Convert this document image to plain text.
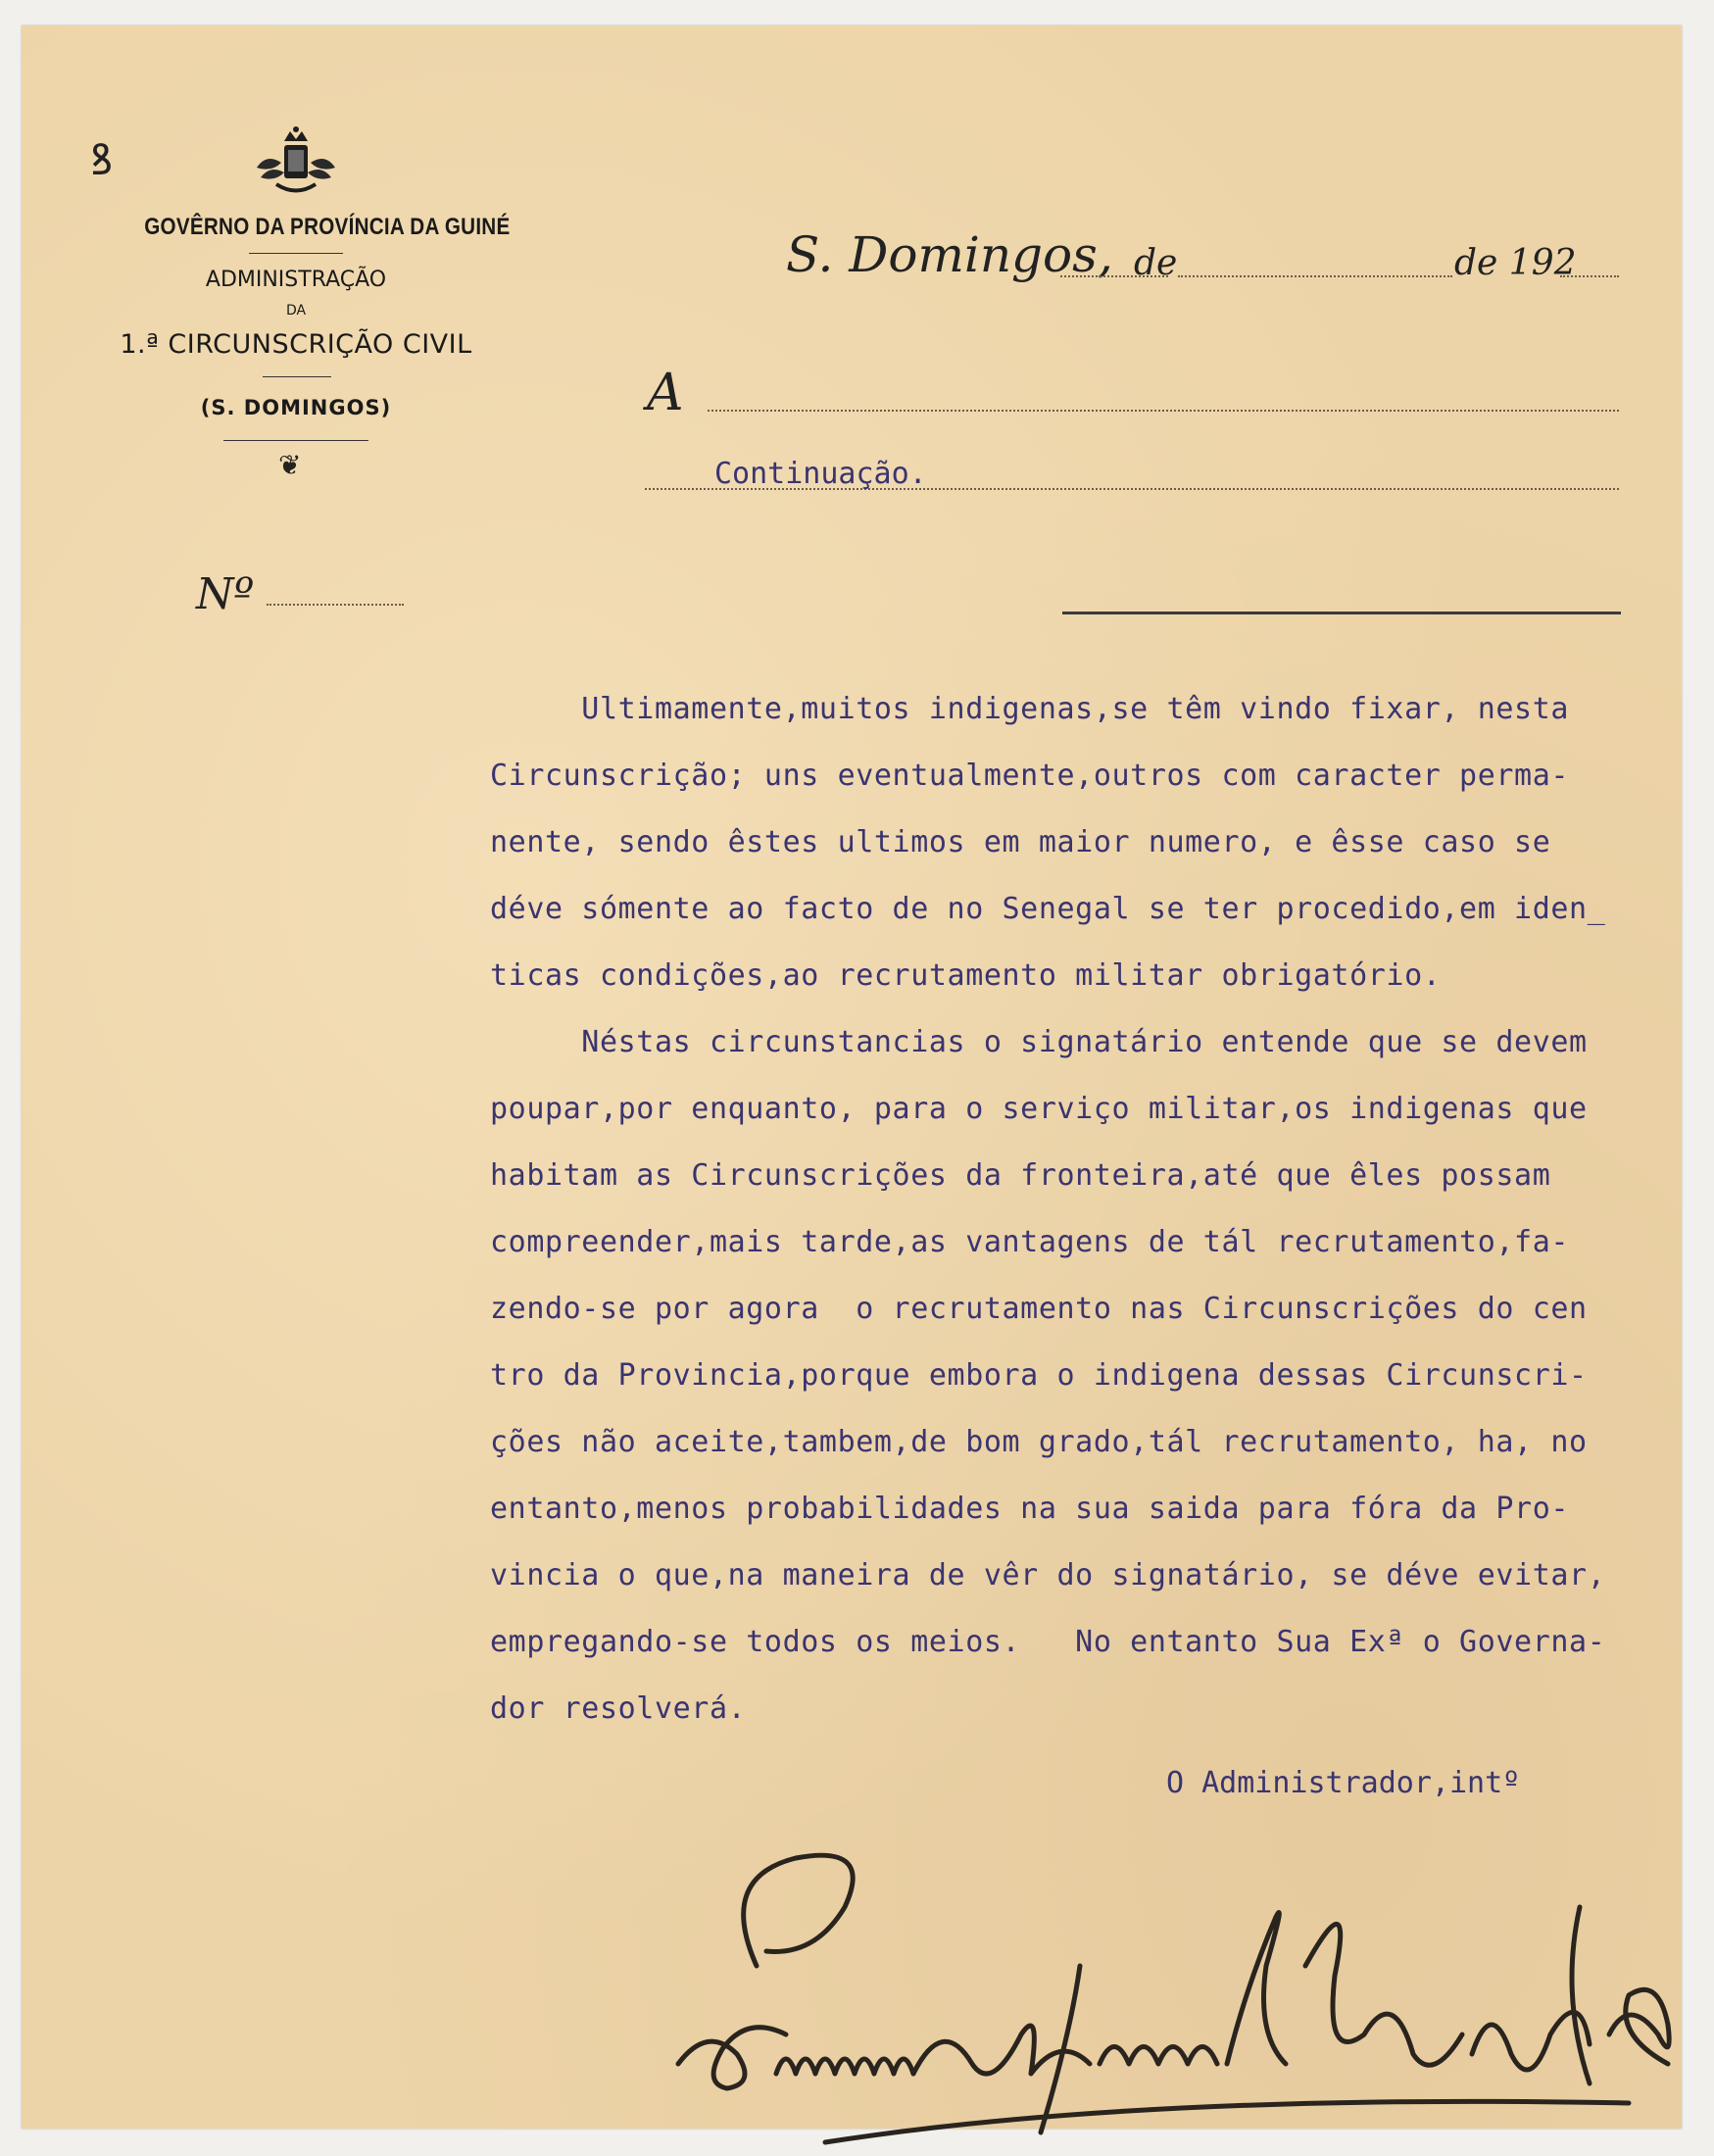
ꝸ
GOVÊRNO DA PROVÍNCIA DA GUINÉ
ADMINISTRAÇÃO
DA
1.ª CIRCUNSCRIÇÃO CIVIL
(S. DOMINGOS)
❦
Nº
S. Domingos, de	de 192
A
Continuação.
Ultimamente,muitos indigenas,se têm vindo fixar, nesta
Circunscrição; uns eventualmente,outros com caracter perma-
nente, sendo êstes ultimos em maior numero, e êsse caso se
déve sómente ao facto de no Senegal se ter procedido,em iden_
ticas condições,ao recrutamento militar obrigatório.
Néstas circunstancias o signatário entende que se devem
poupar,por enquanto, para o serviço militar,os indigenas que
habitam as Circunscrições da fronteira,até que êles possam
compreender,mais tarde,as vantagens de tál recrutamento,fa-
zendo-se por agora  o recrutamento nas Circunscrições do cen
tro da Provincia,porque embora o indigena dessas Circunscri-
ções não aceite,tambem,de bom grado,tál recrutamento, ha, no
entanto,menos probabilidades na sua saida para fóra da Pro-
vincia o que,na maneira de vêr do signatário, se déve evitar,
empregando-se todos os meios.   No entanto Sua Exª o Governa-
dor resolverá.
O Administrador,intº
